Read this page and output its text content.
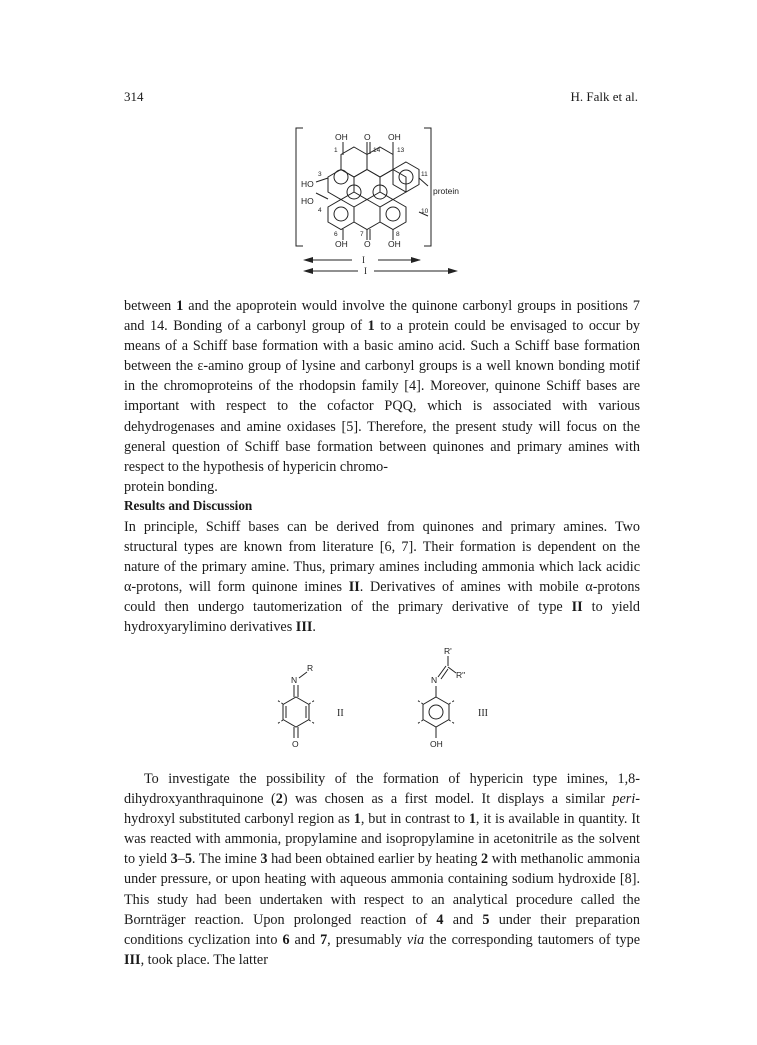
314	H. Falk et al.
OH O OH
1	14	13
3	11
HO
HO
4	10
6	7	8
OH O OH
protein
I
I

between 1 and the apoprotein would involve the quinone carbonyl groups in positions 7 and 14. Bonding of a carbonyl group of 1 to a protein could be envisaged to occur by means of a Schiff base formation with a basic amino acid. Such a Schiff base formation between the ε-amino group of lysine and carbonyl groups is a well known bonding motif in the chromoproteins of the rhodopsin family [4]. Moreover, quinone Schiff bases are important with respect to the cofactor PQQ, which is associated with various dehydrogenases and amine oxidases [5]. Therefore, the present study will focus on the general question of Schiff base formation between quinones and primary amines with respect to the hypothesis of hypericin chromo-
protein bonding.

Results and Discussion

In principle, Schiff bases can be derived from quinones and primary amines. Two structural types are known from literature [6, 7]. Their formation is dependent on the nature of the primary amine. Thus, primary amines including ammonia which lack acidic α-protons, will form quinone imines II. Derivatives of amines with mobile α-protons could then undergo tautomerization of the primary derivative of type II to yield hydroxyarylimino derivatives III.

R
N
O
R'
N R"
OH
II	III

To investigate the possibility of the formation of hypericin type imines, 1,8-dihydroxyanthraquinone (2) was chosen as a first model. It displays a similar peri-hydroxyl substituted carbonyl region as 1, but in contrast to 1, it is available in quantity. It was reacted with ammonia, propylamine and isopropylamine in acetonitrile as the solvent to yield 3–5. The imine 3 had been obtained earlier by heating 2 with methanolic ammonia under pressure, or upon heating with aqueous ammonia containing sodium hydroxide [8]. This study had been undertaken with respect to an analytical procedure called the Bornträger reaction. Upon prolonged reaction of 4 and 5 under their preparation conditions cyclization into 6 and 7, presumably via the corresponding tautomers of type III, took place. The latter
